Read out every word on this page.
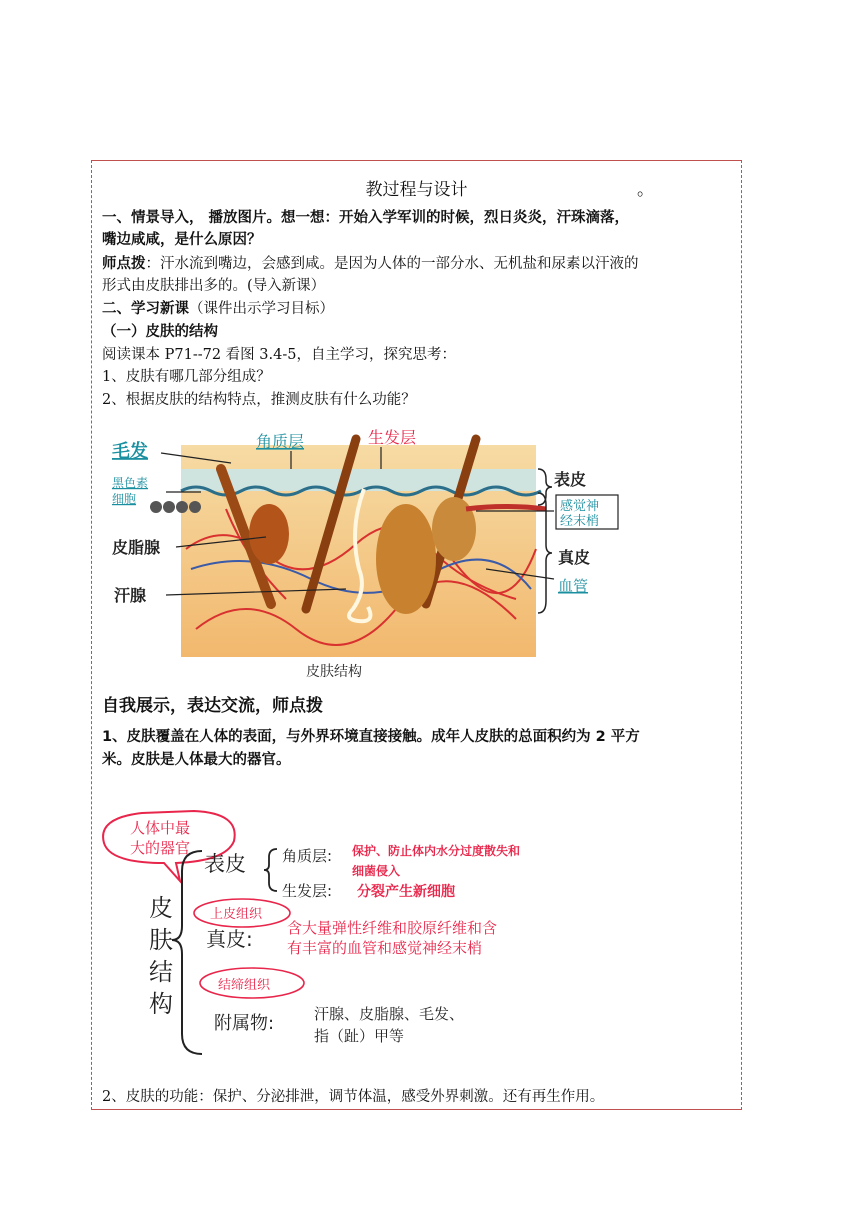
教过程与设计	。
一、情景导入， 播放图片。想一想：开始入学军训的时候，烈日炎炎，汗珠滴落，
嘴边咸咸，是什么原因？
师点拨：汗水流到嘴边，会感到咸。是因为人体的一部分水、无机盐和尿素以汗液的
形式由皮肤排出多的。(导入新课）
二、学习新课（课件出示学习目标）
（一）皮肤的结构
阅读课本 P71--72 看图 3.4-5，自主学习，探究思考：
1、皮肤有哪几部分组成？
2、根据皮肤的结构特点，推测皮肤有什么功能？
毛发	角质层	生发层
黑色素
细胞
皮脂腺
汗腺
表皮
感觉神
经末梢
真皮
血管
皮肤结构
自我展示，表达交流，师点拨
1、皮肤覆盖在人体的表面，与外界环境直接接触。成年人皮肤的总面积约为 2 平方
米。皮肤是人体最大的器官。
人体中最
大的器官
皮
肤
结
构
表皮 角质层: 保护、防止体内水分过度散失和
细菌侵入
生发层: 分裂产生新细胞
上皮组织
真皮: 含大量弹性纤维和胶原纤维和含
有丰富的血管和感觉神经末梢
结缔组织
附属物:	汗腺、皮脂腺、毛发、
指（趾）甲等
2、皮肤的功能：保护、分泌排泄，调节体温，感受外界刺激。还有再生作用。
